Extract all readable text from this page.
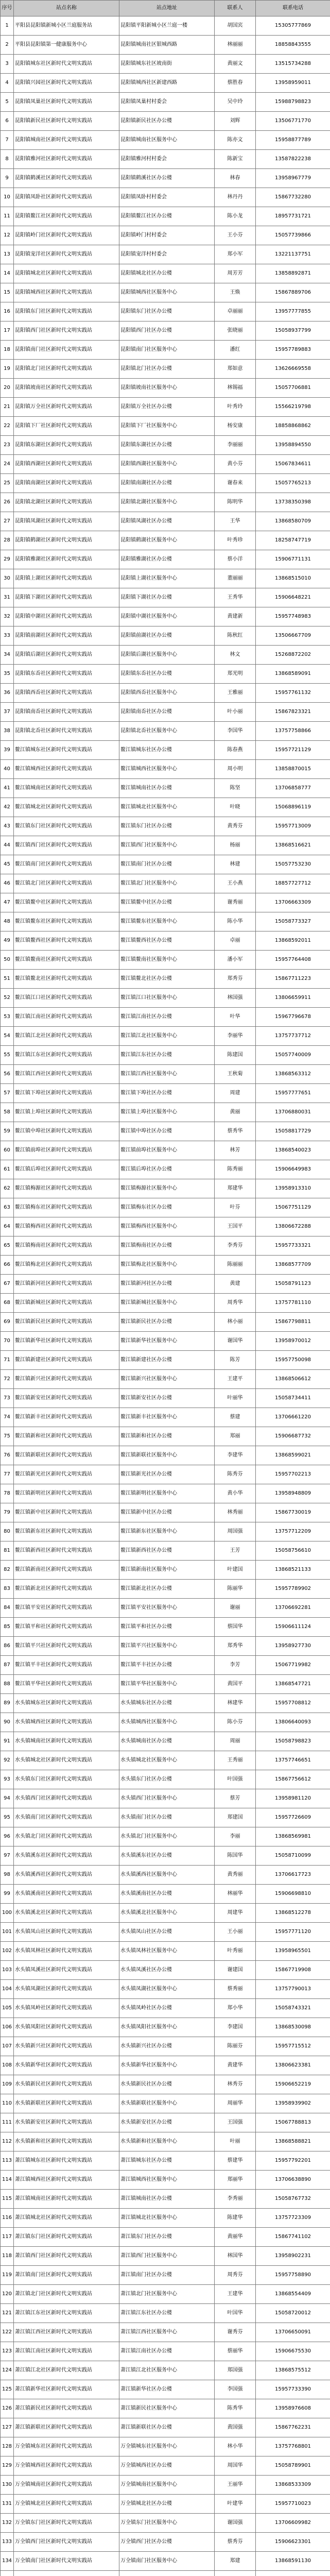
序号	站点名称	站点地址	联系人	联系电话
1	平阳县昆阳镇新城小区兰庭服务站	昆阳镇平阳新城小区兰庭一楼	胡国宾	15305777869
2	平阳县昆阳镇第一健康服务中心	昆阳镇城南社区银城西路	林丽丽	18858843555
3	昆阳镇城东社区新时代文明实践站	昆阳镇城东社区坡南街	黄丽文	13515734288
4	昆阳镇兴园社区新时代文明实践站	昆阳镇城西社区新建西路	蔡胜春	13958959011
5	昆阳镇凤巢社区新时代文明实践站	昆阳镇凤巢村村委会	吴中玲	15988798823
6	昆阳镇新民社区新时代文明实践站	昆阳镇新民社区办公楼	刘辉	13506771770
7	昆阳镇城南社区新时代文明实践站	昆阳镇城南社区服务中心	陈亦文	15958877789
8	昆阳镇雅河社区新时代文明实践站	昆阳镇雅河村村委会	陈新宝	13587822238
9	昆阳镇鹤溪社区新时代文明实践站	昆阳镇鹤溪社区办公楼	林春	13958967779
10	昆阳镇凤卧社区新时代文明实践站	昆阳镇凤卧村村委会	林丹丹	15867732280
11	昆阳镇鳌江社区新时代文明实践站	昆阳镇鳌江社区办公楼	陈小龙	18957731721
12	昆阳镇岭门社区新时代文明实践站	昆阳镇岭门村村委会	王小芬	15057739866
13	昆阳镇宠洋社区新时代文明实践站	昆阳镇宠洋村村委会	郑小军	13221137751
14	昆阳镇城北社区新时代文明实践站	昆阳镇城北社区办公楼	周芳芳	13858892871
15	昆阳镇城西社区新时代文明实践站	昆阳镇城西社区服务中心	王焕	15867889706
16	昆阳镇东门社区新时代文明实践站	昆阳镇东门社区办公楼	卓丽丽	13957777855
17	昆阳镇西门社区新时代文明实践站	昆阳镇西门社区办公楼	张晓丽	15058937799
18	昆阳镇南门社区新时代文明实践站	昆阳镇南门社区服务中心	潘红	15957789883
19	昆阳镇北门社区新时代文明实践站	昆阳镇北门社区办公楼	郑如意	13626669558
20	昆阳镇坡南社区新时代文明实践站	昆阳镇坡南社区服务中心	林锡福	15057706881
21	昆阳镇万全社区新时代文明实践站	昆阳镇万全社区办公楼	叶秀玲	15566219798
22	昆阳镇下厂社区新时代文明实践站	昆阳镇下厂社区服务中心	杨安康	18858868862
23	昆阳镇东湖社区新时代文明实践站	昆阳镇东湖社区办公楼	李丽丽	13958894550
24	昆阳镇西湖社区新时代文明实践站	昆阳镇西湖社区服务中心	黄小芬	15067834611
25	昆阳镇南湖社区新时代文明实践站	昆阳镇南湖社区办公楼	谢春来	15057765213
26	昆阳镇北湖社区新时代文明实践站	昆阳镇北湖社区服务中心	陈明华	13738350398
27	昆阳镇凤湖社区新时代文明实践站	昆阳镇凤湖社区办公楼	王华	13868580709
28	昆阳镇鹤湖社区新时代文明实践站	昆阳镇鹤湖社区服务中心	叶秀珍	18258747719
29	昆阳镇雅湖社区新时代文明实践站	昆阳镇雅湖社区办公楼	蔡小洋	15906771131
30	昆阳镇上湖社区新时代文明实践站	昆阳镇上湖社区服务中心	董丽丽	13868515010
31	昆阳镇下湖社区新时代文明实践站	昆阳镇下湖社区办公楼	王秀华	15906648221
32	昆阳镇中湖社区新时代文明实践站	昆阳镇中湖社区服务中心	黄建新	15957748983
33	昆阳镇前湖社区新时代文明实践站	昆阳镇前湖社区办公楼	陈秋红	13506667709
34	昆阳镇后湖社区新时代文明实践站	昆阳镇后湖社区服务中心	林文	15268872202
35	昆阳镇东岙社区新时代文明实践站	昆阳镇东岙社区办公楼	郑光明	13868589091
36	昆阳镇西岙社区新时代文明实践站	昆阳镇西岙社区服务中心	王雅丽	15957761132
37	昆阳镇南岙社区新时代文明实践站	昆阳镇南岙社区办公楼	叶小丽	15867823321
38	昆阳镇北岙社区新时代文明实践站	昆阳镇北岙社区服务中心	李国华	13757758866
39	鳌江镇城东社区新时代文明实践站	鳌江镇城东社区办公楼	陈春燕	15957721129
40	鳌江镇城西社区新时代文明实践站	鳌江镇城西社区服务中心	周小明	13858870015
41	鳌江镇城南社区新时代文明实践站	鳌江镇城南社区办公楼	陈坚	13706858777
42	鳌江镇城北社区新时代文明实践站	鳌江镇城北社区服务中心	叶晓	15068896119
43	鳌江镇东门社区新时代文明实践站	鳌江镇东门社区办公楼	黄秀芬	15957713009
44	鳌江镇西门社区新时代文明实践站	鳌江镇西门社区服务中心	杨丽	13868516621
45	鳌江镇南门社区新时代文明实践站	鳌江镇南门社区办公楼	林建	15057753230
46	鳌江镇北门社区新时代文明实践站	鳌江镇北门社区服务中心	王小燕	18857727712
47	鳌江镇鳌中社区新时代文明实践站	鳌江镇鳌中社区办公楼	谢秀丽	13706663309
48	鳌江镇鳌东社区新时代文明实践站	鳌江镇鳌东社区服务中心	陈小华	15058773327
49	鳌江镇鳌西社区新时代文明实践站	鳌江镇鳌西社区办公楼	卓丽	13868592011
50	鳌江镇鳌南社区新时代文明实践站	鳌江镇鳌南社区服务中心	潘小军	15957764408
51	鳌江镇鳌北社区新时代文明实践站	鳌江镇鳌北社区办公楼	郑秀芬	15867711223
52	鳌江镇江口社区新时代文明实践站	鳌江镇江口社区服务中心	林国强	13806659911
53	鳌江镇江南社区新时代文明实践站	鳌江镇江南社区办公楼	叶华	15967796678
54	鳌江镇江北社区新时代文明实践站	鳌江镇江北社区服务中心	李丽华	13757737712
55	鳌江镇江东社区新时代文明实践站	鳌江镇江东社区办公楼	陈建国	15057740009
56	鳌江镇江西社区新时代文明实践站	鳌江镇江西社区服务中心	王秋菊	13868563312
57	鳌江镇下埠社区新时代文明实践站	鳌江镇下埠社区办公楼	周建	15957777651
58	鳌江镇上埠社区新时代文明实践站	鳌江镇上埠社区服务中心	黄丽	13706880031
59	鳌江镇中埠社区新时代文明实践站	鳌江镇中埠社区办公楼	蔡秀华	15058817729
60	鳌江镇前埠社区新时代文明实践站	鳌江镇前埠社区服务中心	林芳	13868540023
61	鳌江镇后埠社区新时代文明实践站	鳌江镇后埠社区办公楼	陈秀丽	15906649983
62	鳌江镇梅源社区新时代文明实践站	鳌江镇梅源社区服务中心	郑建华	13958913310
63	鳌江镇梅东社区新时代文明实践站	鳌江镇梅东社区办公楼	叶芬	15067751129
64	鳌江镇梅西社区新时代文明实践站	鳌江镇梅西社区服务中心	王国平	13806672288
65	鳌江镇梅南社区新时代文明实践站	鳌江镇梅南社区办公楼	李秀芬	15957733321
66	鳌江镇梅北社区新时代文明实践站	鳌江镇梅北社区服务中心	陈丽丽	13868577709
67	鳌江镇新河社区新时代文明实践站	鳌江镇新河社区办公楼	黄建	15058791123
68	鳌江镇新城社区新时代文明实践站	鳌江镇新城社区服务中心	周秀华	13757781110
69	鳌江镇新民社区新时代文明实践站	鳌江镇新民社区办公楼	林小丽	15867798811
70	鳌江镇新华社区新时代文明实践站	鳌江镇新华社区服务中心	谢国华	13958970012
71	鳌江镇新建社区新时代文明实践站	鳌江镇新建社区办公楼	陈芳	15957750098
72	鳌江镇新兴社区新时代文明实践站	鳌江镇新兴社区服务中心	王建平	13868506612
73	鳌江镇新安社区新时代文明实践站	鳌江镇新安社区办公楼	叶丽华	15058734411
74	鳌江镇新丰社区新时代文明实践站	鳌江镇新丰社区服务中心	蔡建	13706661220
75	鳌江镇新和社区新时代文明实践站	鳌江镇新和社区办公楼	郑丽	15906687732
76	鳌江镇新联社区新时代文明实践站	鳌江镇新联社区服务中心	李建华	13868599021
77	鳌江镇新光社区新时代文明实践站	鳌江镇新光社区办公楼	陈秀芬	15957702213
78	鳌江镇新明社区新时代文明实践站	鳌江镇新明社区服务中心	黄小华	13958948809
79	鳌江镇新中社区新时代文明实践站	鳌江镇新中社区办公楼	林秀丽	15867730019
80	鳌江镇新东社区新时代文明实践站	鳌江镇新东社区服务中心	周国强	13757712209
81	鳌江镇新西社区新时代文明实践站	鳌江镇新西社区办公楼	王芳	15058756610
82	鳌江镇新南社区新时代文明实践站	鳌江镇新南社区服务中心	叶建国	13868521133
83	鳌江镇新北社区新时代文明实践站	鳌江镇新北社区办公楼	陈丽华	15957789902
84	鳌江镇平安社区新时代文明实践站	鳌江镇平安社区服务中心	谢丽	13706692281
85	鳌江镇平和社区新时代文明实践站	鳌江镇平和社区办公楼	蔡国华	15906611124
86	鳌江镇平兴社区新时代文明实践站	鳌江镇平兴社区服务中心	郑秀华	13958927730
87	鳌江镇平丰社区新时代文明实践站	鳌江镇平丰社区办公楼	李芳	15067719982
88	鳌江镇平华社区新时代文明实践站	鳌江镇平华社区服务中心	黄国平	13868547721
89	水头镇城东社区新时代文明实践站	水头镇城东社区办公楼	林建华	15957708812
90	水头镇城西社区新时代文明实践站	水头镇城西社区服务中心	陈小芬	13806640093
91	水头镇城南社区新时代文明实践站	水头镇城南社区办公楼	周丽	15058798823
92	水头镇城北社区新时代文明实践站	水头镇城北社区服务中心	王秀丽	13757746651
93	水头镇东门社区新时代文明实践站	水头镇东门社区办公楼	叶国强	15867756612
94	水头镇西门社区新时代文明实践站	水头镇西门社区服务中心	蔡芳	13958981120
95	水头镇南门社区新时代文明实践站	水头镇南门社区办公楼	郑建国	15957726609
96	水头镇北门社区新时代文明实践站	水头镇北门社区服务中心	李丽	13868569981
97	水头镇溪东社区新时代文明实践站	水头镇溪东社区办公楼	陈国华	15058710099
98	水头镇溪西社区新时代文明实践站	水头镇溪西社区服务中心	黄秀丽	13706617723
99	水头镇溪南社区新时代文明实践站	水头镇溪南社区办公楼	林丽华	15906698810
100	水头镇溪北社区新时代文明实践站	水头镇溪北社区服务中心	周建华	13868512278
101	水头镇凤山社区新时代文明实践站	水头镇凤山社区办公楼	王小丽	15957771120
102	水头镇凤林社区新时代文明实践站	水头镇凤林社区服务中心	叶秀丽	13958965501
103	水头镇凤溪社区新时代文明实践站	水头镇凤溪社区办公楼	谢建国	15867719908
104	水头镇凤湖社区新时代文明实践站	水头镇凤湖社区服务中心	蔡秀丽	13757790013
105	水头镇凤岭社区新时代文明实践站	水头镇凤岭社区办公楼	郑小华	15058743321
106	水头镇凤阳社区新时代文明实践站	水头镇凤阳社区服务中心	李建国	13868530098
107	水头镇新兴社区新时代文明实践站	水头镇新兴社区办公楼	陈丽芬	15957715512
108	水头镇新华社区新时代文明实践站	水头镇新华社区服务中心	黄建华	13806623381
109	水头镇新民社区新时代文明实践站	水头镇新民社区办公楼	林秀芬	15906652219
110	水头镇新联社区新时代文明实践站	水头镇新联社区服务中心	周丽华	13958939902
111	水头镇新安社区新时代文明实践站	水头镇新安社区办公楼	王国强	15067788813
112	水头镇新和社区新时代文明实践站	水头镇新和社区服务中心	叶丽	13868588821
113	萧江镇城东社区新时代文明实践站	萧江镇城东社区办公楼	蔡建华	15957792201
114	萧江镇城西社区新时代文明实践站	萧江镇城西社区服务中心	郑丽华	13706638890
115	萧江镇城南社区新时代文明实践站	萧江镇城南社区办公楼	李秀丽	15058767732
116	萧江镇城北社区新时代文明实践站	萧江镇城北社区服务中心	陈建华	13757723309
117	萧江镇东门社区新时代文明实践站	萧江镇东门社区办公楼	黄丽华	15867741102
118	萧江镇西门社区新时代文明实践站	萧江镇西门社区服务中心	林国华	13958902231
119	萧江镇南门社区新时代文明实践站	萧江镇南门社区办公楼	周秀芬	15957758890
120	萧江镇北门社区新时代文明实践站	萧江镇北门社区服务中心	王建华	13868554409
121	萧江镇江东社区新时代文明实践站	萧江镇江东社区办公楼	叶国华	15058720012
122	萧江镇江西社区新时代文明实践站	萧江镇江西社区服务中心	谢秀芬	13706650091
123	萧江镇江南社区新时代文明实践站	萧江镇江南社区办公楼	蔡丽华	15906675530
124	萧江镇江北社区新时代文明实践站	萧江镇江北社区服务中心	郑国强	13868575512
125	萧江镇新华社区新时代文明实践站	萧江镇新华社区办公楼	李国强	15957733390
126	萧江镇新民社区新时代文明实践站	萧江镇新民社区服务中心	陈秀华	13958976608
127	萧江镇新联社区新时代文明实践站	萧江镇新联社区办公楼	黄国强	15867762231
128	万全镇城东社区新时代文明实践站	万全镇城东社区服务中心	林小华	13757768801
129	万全镇城西社区新时代文明实践站	万全镇城西社区办公楼	周国华	15058789901
130	万全镇城南社区新时代文明实践站	万全镇城南社区服务中心	王丽华	13868533309
131	万全镇城北社区新时代文明实践站	万全镇城北社区办公楼	叶建华	15957710023
132	万全镇东门社区新时代文明实践站	万全镇东门社区服务中心	谢国强	13706609982
133	万全镇西门社区新时代文明实践站	万全镇西门社区办公楼	蔡秀芬	15906623301
134	万全镇南门社区新时代文明实践站	万全镇南门社区服务中心	郑建	13868591130
